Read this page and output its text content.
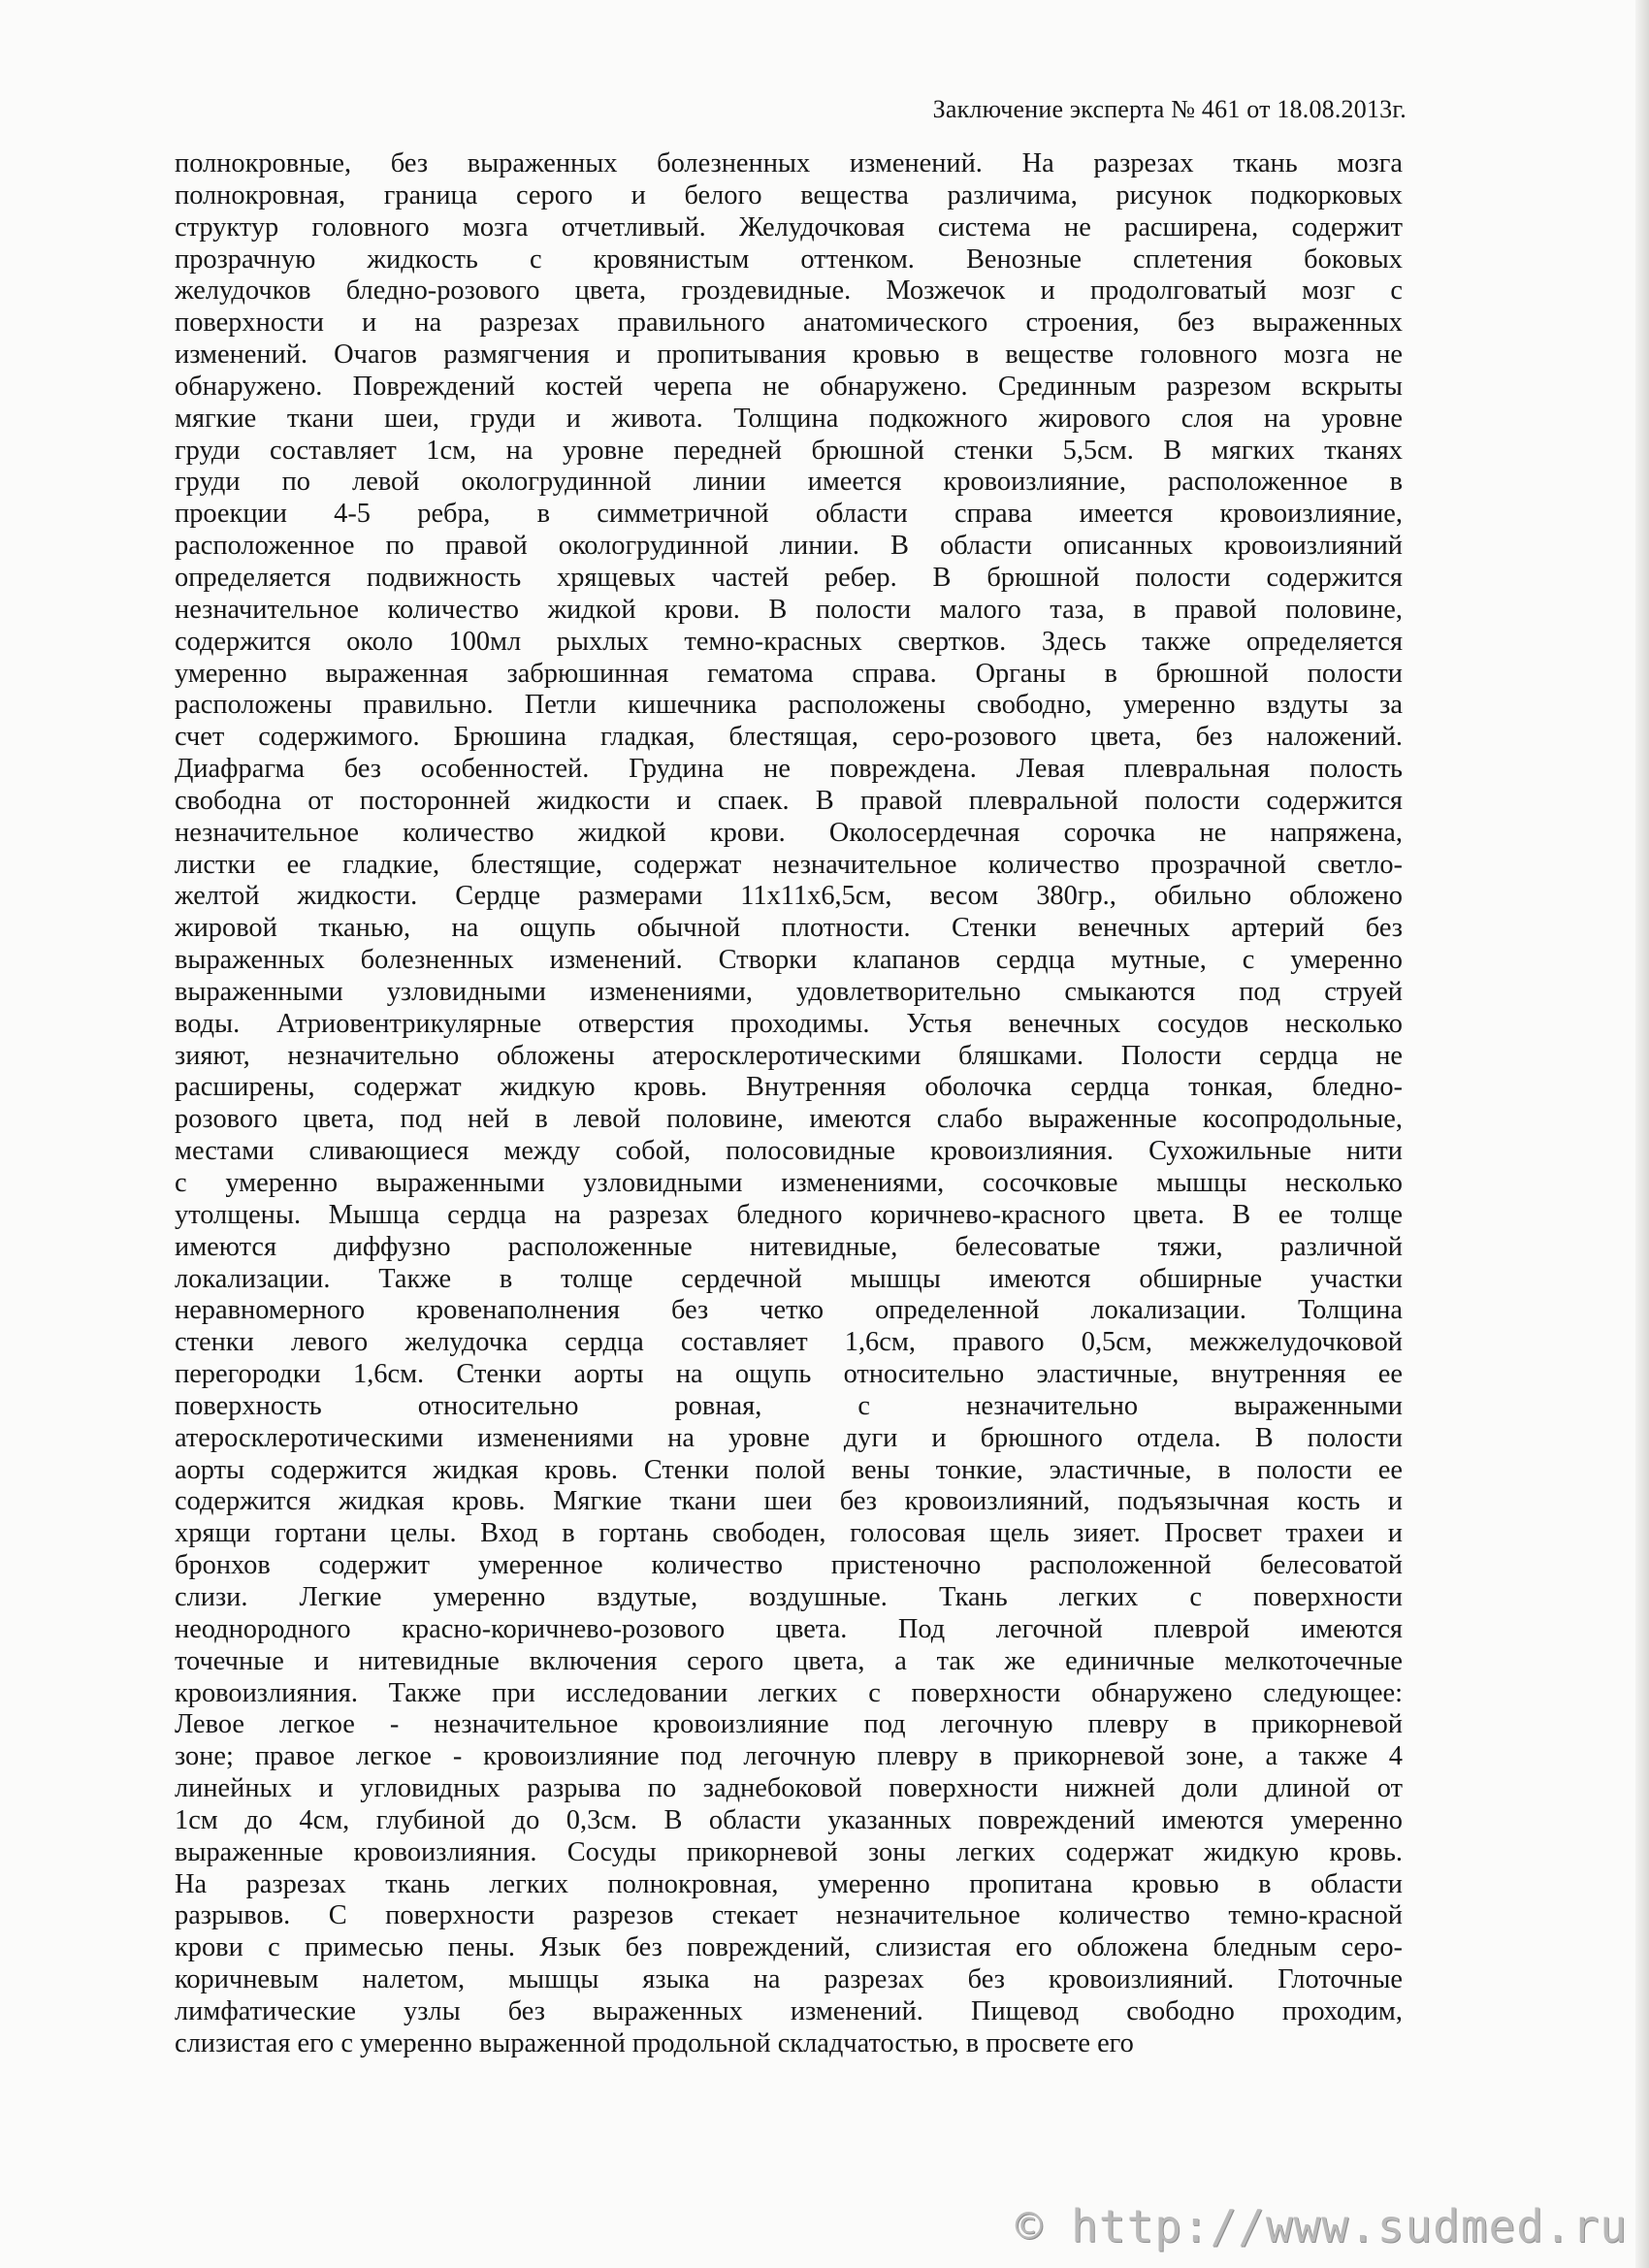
Заключение эксперта № 461 от 18.08.2013г.
полнокровные, без выраженных болезненных изменений. На разрезах ткань мозга
полнокровная, граница серого и белого вещества различима, рисунок подкорковых
структур головного мозга отчетливый. Желудочковая система не расширена, содержит
прозрачную жидкость с кровянистым оттенком. Венозные сплетения боковых
желудочков бледно-розового цвета, гроздевидные. Мозжечок и продолговатый мозг с
поверхности и на разрезах правильного анатомического строения, без выраженных
изменений. Очагов размягчения и пропитывания кровью в веществе головного мозга не
обнаружено. Повреждений костей черепа не обнаружено. Срединным разрезом вскрыты
мягкие ткани шеи, груди и живота. Толщина подкожного жирового слоя на уровне
груди составляет 1см, на уровне передней брюшной стенки 5,5см. В мягких тканях
груди по левой окологрудинной линии имеется кровоизлияние, расположенное в
проекции 4-5 ребра, в симметричной области справа имеется кровоизлияние,
расположенное по правой окологрудинной линии. В области описанных кровоизлияний
определяется подвижность хрящевых частей ребер. В брюшной полости содержится
незначительное количество жидкой крови. В полости малого таза, в правой половине,
содержится около 100мл рыхлых темно-красных свертков. Здесь также определяется
умеренно выраженная забрюшинная гематома справа. Органы в брюшной полости
расположены правильно. Петли кишечника расположены свободно, умеренно вздуты за
счет содержимого. Брюшина гладкая, блестящая, серо-розового цвета, без наложений.
Диафрагма без особенностей. Грудина не повреждена. Левая плевральная полость
свободна от посторонней жидкости и спаек. В правой плевральной полости содержится
незначительное количество жидкой крови. Околосердечная сорочка не напряжена,
листки ее гладкие, блестящие, содержат незначительное количество прозрачной светло-
желтой жидкости. Сердце размерами 11х11х6,5см, весом 380гр., обильно обложено
жировой тканью, на ощупь обычной плотности. Стенки венечных артерий без
выраженных болезненных изменений. Створки клапанов сердца мутные, с умеренно
выраженными узловидными изменениями, удовлетворительно смыкаются под струей
воды. Атриовентрикулярные отверстия проходимы. Устья венечных сосудов несколько
зияют, незначительно обложены атеросклеротическими бляшками. Полости сердца не
расширены, содержат жидкую кровь. Внутренняя оболочка сердца тонкая, бледно-
розового цвета, под ней в левой половине, имеются слабо выраженные косопродольные,
местами сливающиеся между собой, полосовидные кровоизлияния. Сухожильные нити
с умеренно выраженными узловидными изменениями, сосочковые мышцы несколько
утолщены. Мышца сердца на разрезах бледного коричнево-красного цвета. В ее толще
имеются диффузно расположенные нитевидные, белесоватые тяжи, различной
локализации. Также в толще сердечной мышцы имеются обширные участки
неравномерного кровенаполнения без четко определенной локализации. Толщина
стенки левого желудочка сердца составляет 1,6см, правого 0,5см, межжелудочковой
перегородки 1,6см. Стенки аорты на ощупь относительно эластичные, внутренняя ее
поверхность относительно ровная, с незначительно выраженными
атеросклеротическими изменениями на уровне дуги и брюшного отдела. В полости
аорты содержится жидкая кровь. Стенки полой вены тонкие, эластичные, в полости ее
содержится жидкая кровь. Мягкие ткани шеи без кровоизлияний, подъязычная кость и
хрящи гортани целы. Вход в гортань свободен, голосовая щель зияет. Просвет трахеи и
бронхов содержит умеренное количество пристеночно расположенной белесоватой
слизи. Легкие умеренно вздутые, воздушные. Ткань легких с поверхности
неоднородного красно-коричнево-розового цвета. Под легочной плеврой имеются
точечные и нитевидные включения серого цвета, а так же единичные мелкоточечные
кровоизлияния. Также при исследовании легких с поверхности обнаружено следующее:
Левое легкое - незначительное кровоизлияние под легочную плевру в прикорневой
зоне; правое легкое - кровоизлияние под легочную плевру в прикорневой зоне, а также 4
линейных и угловидных разрыва по заднебоковой поверхности нижней доли длиной от
1см до 4см, глубиной до 0,3см. В области указанных повреждений имеются умеренно
выраженные кровоизлияния. Сосуды прикорневой зоны легких содержат жидкую кровь.
На разрезах ткань легких полнокровная, умеренно пропитана кровью в области
разрывов. С поверхности разрезов стекает незначительное количество темно-красной
крови с примесью пены. Язык без повреждений, слизистая его обложена бледным серо-
коричневым налетом, мышцы языка на разрезах без кровоизлияний. Глоточные
лимфатические узлы без выраженных изменений. Пищевод свободно проходим,
слизистая его с умеренно выраженной продольной складчатостью, в просвете его
© http://www.sudmed.ru
